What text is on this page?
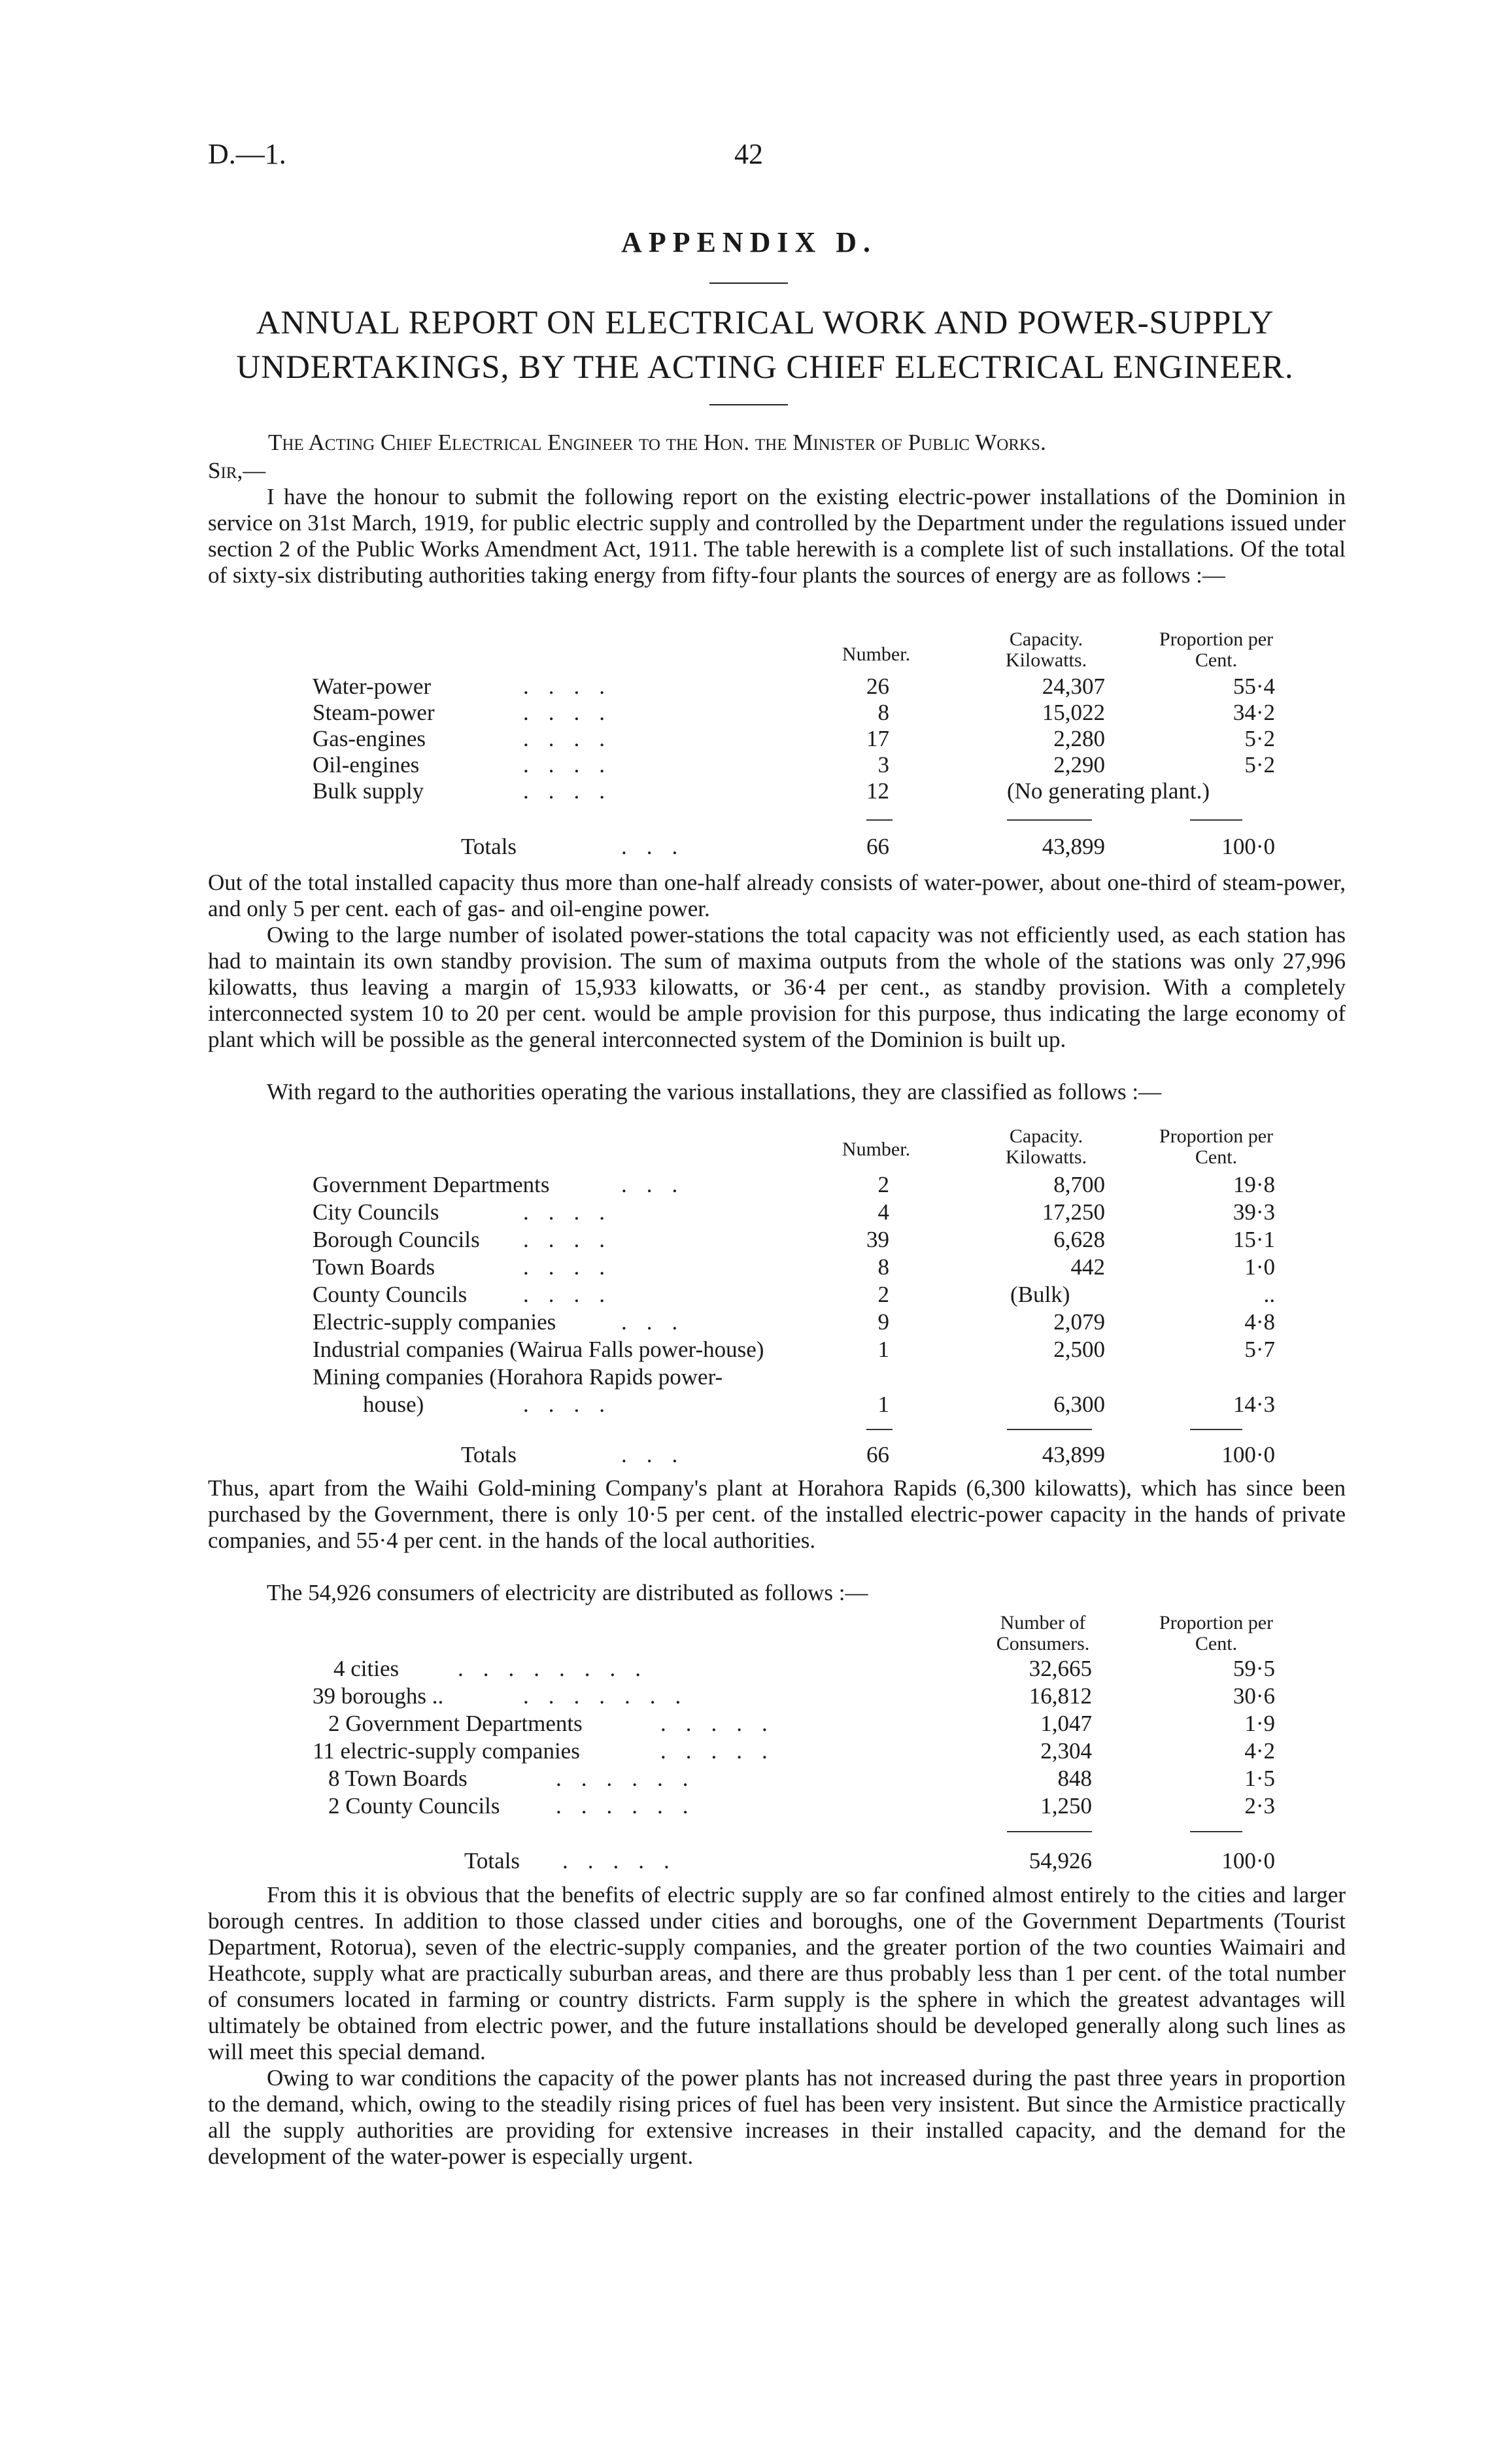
D.—1.	42
APPENDIX D.
ANNUAL REPORT ON ELECTRICAL WORK AND POWER-SUPPLY
UNDERTAKINGS, BY THE ACTING CHIEF ELECTRICAL ENGINEER.
The Acting Chief Electrical Engineer to the Hon. the Minister of Public Works.
Sir,—
I have the honour to submit the following report on the existing electric-power installations of the Dominion in service on 31st March, 1919, for public electric supply and controlled by the Department under the regulations issued under section 2 of the Public Works Amendment Act, 1911. The table herewith is a complete list of such installations. Of the total of sixty-six distributing authorities taking energy from fifty-four plants the sources of energy are as follows :—
Number.
Capacity. Kilowatts.
Proportion per Cent.
Water-power	....	26	24,307	55·4
Steam-power	....	8	15,022	34·2
Gas-engines	....	17	2,280	5·2
Oil-engines	....	3	2,290	5·2
Bulk supply	....	12	(No generating plant.)
Totals	...	66	43,899	100·0
Out of the total installed capacity thus more than one-half already consists of water-power, about one-third of steam-power, and only 5 per cent. each of gas- and oil-engine power.
Owing to the large number of isolated power-stations the total capacity was not efficiently used, as each station has had to maintain its own standby provision. The sum of maxima outputs from the whole of the stations was only 27,996 kilowatts, thus leaving a margin of 15,933 kilowatts, or 36·4 per cent., as standby provision. With a completely interconnected system 10 to 20 per cent. would be ample provision for this purpose, thus indicating the large economy of plant which will be possible as the general interconnected system of the Dominion is built up.
With regard to the authorities operating the various installations, they are classified as follows :—
Number.
Capacity. Kilowatts.
Proportion per Cent.
Government Departments	...	2	8,700	19·8
City Councils	....	4	17,250	39·3
Borough Councils ....	39	6,628	15·1
Town Boards	....	8	442	1·0
County Councils ....	2	(Bulk)	..
Electric-supply companies	...	9	2,079	4·8
Industrial companies (Wairua Falls power-house)	1	2,500	5·7
Mining companies (Horahora Rapids power-
house)	....	1	6,300	14·3
Totals	...	66	43,899	100·0
Thus, apart from the Waihi Gold-mining Company's plant at Horahora Rapids (6,300 kilowatts), which has since been purchased by the Government, there is only 10·5 per cent. of the installed electric-power capacity in the hands of private companies, and 55·4 per cent. in the hands of the local authorities.
The 54,926 consumers of electricity are distributed as follows :—
Number of Consumers.
Proportion per Cent.
4 cities	........	32,665	59·5
39 boroughs ..	.......	16,812	30·6
2 Government Departments	.....	1,047	1·9
11 electric-supply companies	.....	2,304	4·2
8 Town Boards	......	848	1·5
2 County Councils ......	1,250	2·3
Totals .....	54,926	100·0
From this it is obvious that the benefits of electric supply are so far confined almost entirely to the cities and larger borough centres. In addition to those classed under cities and boroughs, one of the Government Departments (Tourist Department, Rotorua), seven of the electric-supply companies, and the greater portion of the two counties Waimairi and Heathcote, supply what are practically suburban areas, and there are thus probably less than 1 per cent. of the total number of consumers located in farming or country districts. Farm supply is the sphere in which the greatest advantages will ultimately be obtained from electric power, and the future installations should be developed generally along such lines as will meet this special demand.
Owing to war conditions the capacity of the power plants has not increased during the past three years in proportion to the demand, which, owing to the steadily rising prices of fuel has been very insistent. But since the Armistice practically all the supply authorities are providing for extensive increases in their installed capacity, and the demand for the development of the water-power is especially urgent.
